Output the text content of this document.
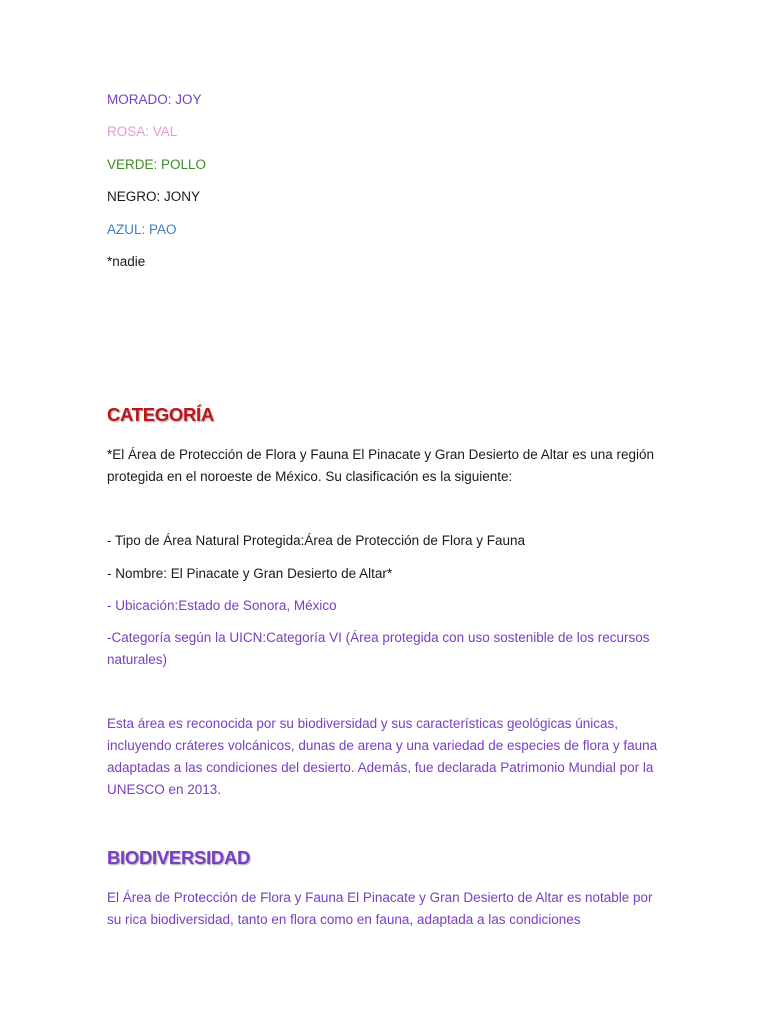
MORADO: JOY

ROSA: VAL

VERDE: POLLO

NEGRO: JONY

AZUL: PAO

*nadie

CATEGORÍA

*El Área de Protección de Flora y Fauna El Pinacate y Gran Desierto de Altar es una región protegida en el noroeste de México. Su clasificación es la siguiente:

- Tipo de Área Natural Protegida:Área de Protección de Flora y Fauna

- Nombre: El Pinacate y Gran Desierto de Altar*

- Ubicación:Estado de Sonora, México

-Categoría según la UICN:Categoría VI (Área protegida con uso sostenible de los recursos naturales)

Esta área es reconocida por su biodiversidad y sus características geológicas únicas, incluyendo cráteres volcánicos, dunas de arena y una variedad de especies de flora y fauna adaptadas a las condiciones del desierto. Además, fue declarada Patrimonio Mundial por la UNESCO en 2013.

BIODIVERSIDAD

El Área de Protección de Flora y Fauna El Pinacate y Gran Desierto de Altar es notable por su rica biodiversidad, tanto en flora como en fauna, adaptada a las condiciones
